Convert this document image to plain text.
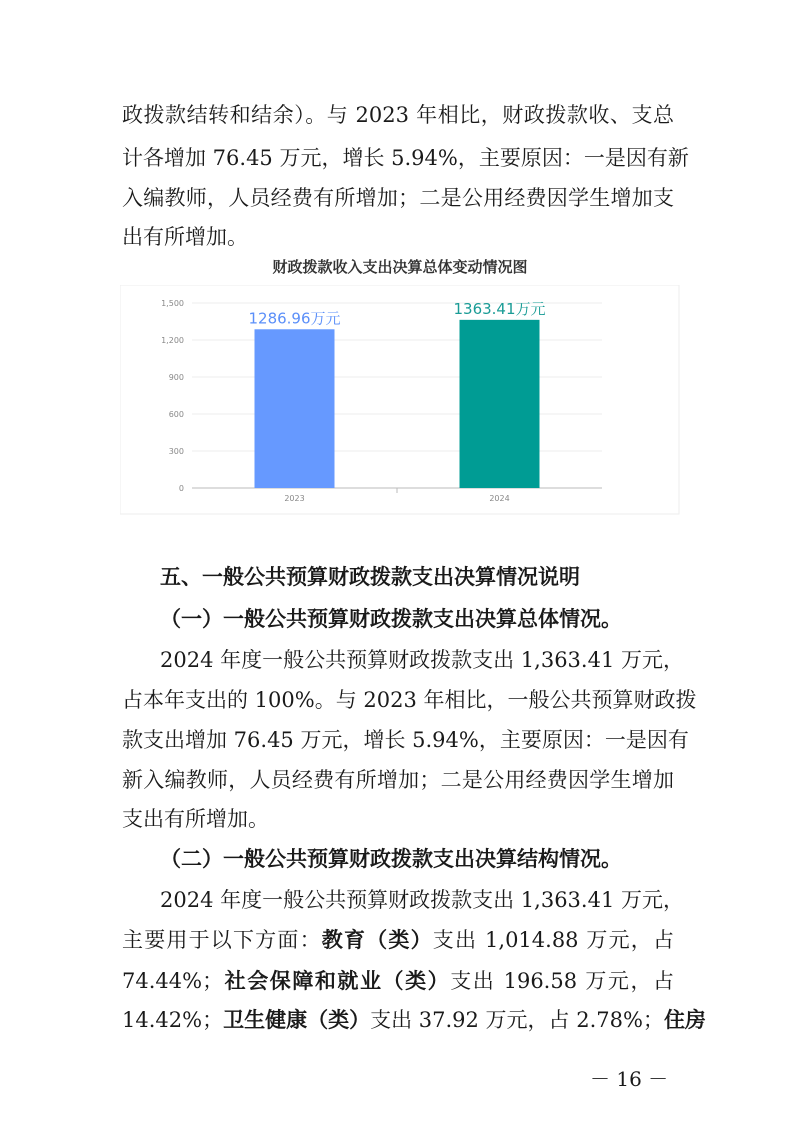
政拨款结转和结余）。与 2023 年相比，财政拨款收、支总
计各增加 76.45 万元，增长 5.94%，主要原因：一是因有新
入编教师，人员经费有所增加；二是公用经费因学生增加支
出有所增加。
财政拨款收入支出决算总体变动情况图
0
300
600
900
1,200
1,500
1286.96万元
2023
1363.41万元
2024
五、一般公共预算财政拨款支出决算情况说明
（一）一般公共预算财政拨款支出决算总体情况。
2024 年度一般公共预算财政拨款支出 1,363.41 万元，
占本年支出的 100%。与 2023 年相比，一般公共预算财政拨
款支出增加 76.45 万元，增长 5.94%，主要原因：一是因有
新入编教师，人员经费有所增加；二是公用经费因学生增加
支出有所增加。
（二）一般公共预算财政拨款支出决算结构情况。
2024 年度一般公共预算财政拨款支出 1,363.41 万元，
主要用于以下方面：教育（类）支出 1,014.88 万元，占
74.44%；社会保障和就业（类）支出 196.58 万元，占
14.42%；卫生健康（类）支出 37.92 万元，占 2.78%；住房
－ 16 －
